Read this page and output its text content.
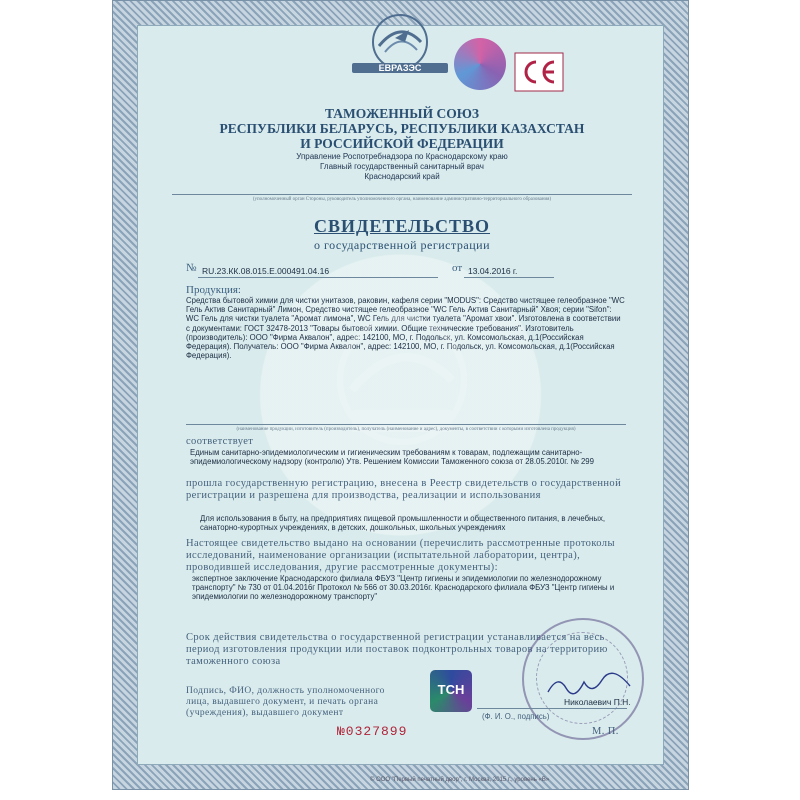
ЕВРАЗЭС
ТАМОЖЕННЫЙ СОЮЗ
РЕСПУБЛИКИ БЕЛАРУСЬ, РЕСПУБЛИКИ КАЗАХСТАН
И РОССИЙСКОЙ ФЕДЕРАЦИИ
Управление Роспотребнадзора по Краснодарскому краю
Главный государственный санитарный врач
Краснодарский край
(уполномоченный орган Стороны, руководитель уполномоченного органа, наименование административно-территориального образования)
СВИДЕТЕЛЬСТВО
о государственной регистрации
№ RU.23.КК.08.015.Е.000491.04.16	от 13.04.2016 г.
Продукция:
Средства бытовой химии для чистки унитазов, раковин, кафеля серии "MODUS": Средство чистящее гелеобразное "WC Гель Актив Санитарный" Лимон, Средство чистящее гелеобразное "WC Гель Актив Санитарный" Хвоя; серии "Sifon": WC Гель для чистки туалета "Аромат лимона", WC Гель для чистки туалета "Аромат хвои". Изготовлена в соответствии с документами: ГОСТ 32478-2013 "Товары бытовой химии. Общие технические требования". Изготовитель (производитель): ООО "Фирма Аквалон", адрес: 142100, МО, г. Подольск, ул. Комсомольская, д.1(Российская Федерация). Получатель: ООО "Фирма Аквалон", адрес: 142100, МО, г. Подольск, ул. Комсомольская, д.1(Российская Федерация).
(наименование продукции, изготовитель (производитель), получатель (наименование и адрес), документы, в соответствии с которыми изготовлена продукция)
соответствует
Единым санитарно-эпидемиологическим и гигиеническим требованиям к товарам, подлежащим санитарно-эпидемиологическому надзору (контролю) Утв. Решением Комиссии Таможенного союза от 28.05.2010г. № 299
прошла государственную регистрацию, внесена в Реестр свидетельств о государственной регистрации и разрешена для производства, реализации и использования
Для использования в быту, на предприятиях пищевой промышленности и общественного питания, в лечебных, санаторно-курортных учреждениях, в детских, дошкольных, школьных учреждениях
Настоящее свидетельство выдано на основании (перечислить рассмотренные протоколы исследований, наименование организации (испытательной лаборатории, центра), проводившей исследования, другие рассмотренные документы):
экспертное заключение Краснодарского филиала ФБУЗ "Центр гигиены и эпидемиологии по железнодорожному транспорту" № 730 от 01.04.2016г Протокол № 566 от 30.03.2016г. Краснодарского филиала ФБУЗ "Центр гигиены и эпидемиологии по железнодорожному транспорту"
Срок действия свидетельства о государственной регистрации устанавливается на весь период изготовления продукции или поставок подконтрольных товаров на территорию таможенного союза
Подпись, ФИО, должность уполномоченного лица, выдавшего документ, и печать органа (учреждения), выдавшего документ
ТСН
Николаевич П.Н.
(Ф. И. О., подпись)
М. П.
№0327899
© ООО "Первый печатный двор", г. Москва, 2015 г., уровень «В»
